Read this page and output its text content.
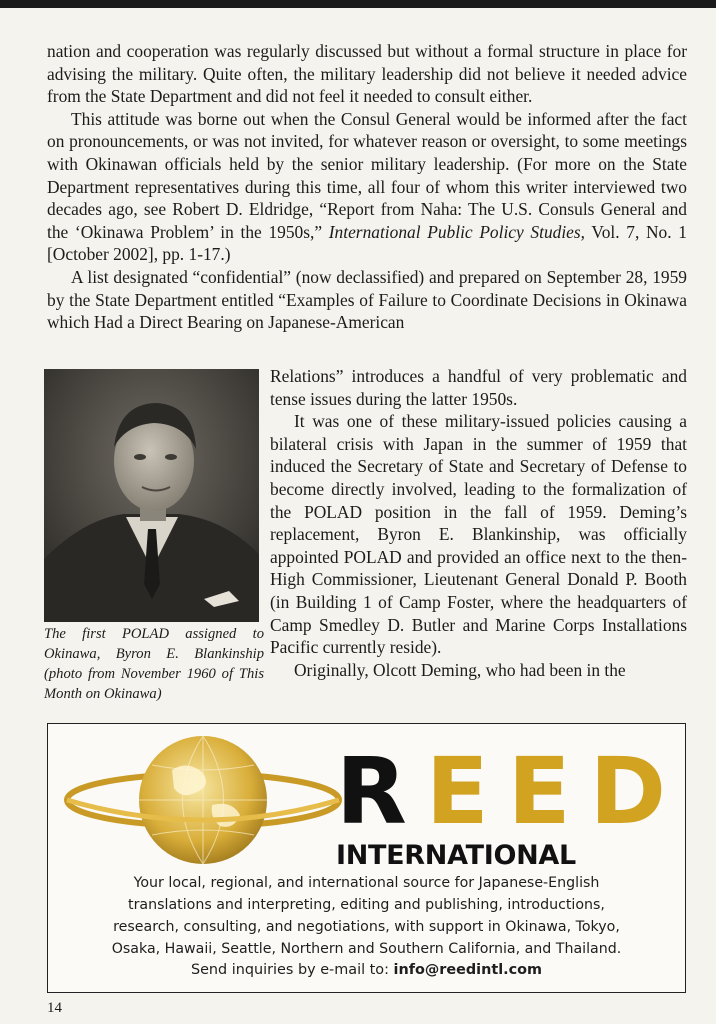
nation and cooperation was regularly discussed but without a formal structure in place for advising the military. Quite often, the military leadership did not believe it needed advice from the State Department and did not feel it needed to consult either.

This attitude was borne out when the Consul General would be informed after the fact on pronouncements, or was not invited, for whatever reason or oversight, to some meetings with Okinawan officials held by the senior military leadership. (For more on the State Department representatives during this time, all four of whom this writer interviewed two decades ago, see Robert D. Eldridge, “Report from Naha: The U.S. Consuls General and the ‘Okinawa Problem’ in the 1950s,” International Public Policy Studies, Vol. 7, No. 1 [October 2002], pp. 1-17.)

A list designated “confidential” (now declassified) and prepared on September 28, 1959 by the State Department entitled “Examples of Failure to Coordinate Decisions in Okinawa which Had a Direct Bearing on Japanese-American

The first POLAD assigned to Okinawa, Byron E. Blankinship (photo from November 1960 of This Month on Okinawa)

Relations” introduces a handful of very problematic and tense issues during the latter 1950s.

It was one of these military-issued policies causing a bilateral crisis with Japan in the summer of 1959 that induced the Secretary of State and Secretary of Defense to become directly involved, leading to the formalization of the POLAD position in the fall of 1959. Deming’s replacement, Byron E. Blankinship, was officially appointed POLAD and provided an office next to the then-High Commissioner, Lieutenant General Donald P. Booth (in Building 1 of Camp Foster, where the headquarters of Camp Smedley D. Butler and Marine Corps Installations Pacific currently reside).

Originally, Olcott Deming, who had been in the

R E E D
INTERNATIONAL
Your local, regional, and international source for Japanese-English
translations and interpreting, editing and publishing, introductions,
research, consulting, and negotiations, with support in Okinawa, Tokyo,
Osaka, Hawaii, Seattle, Northern and Southern California, and Thailand.
Send inquiries by e-mail to: info@reedintl.com
14
